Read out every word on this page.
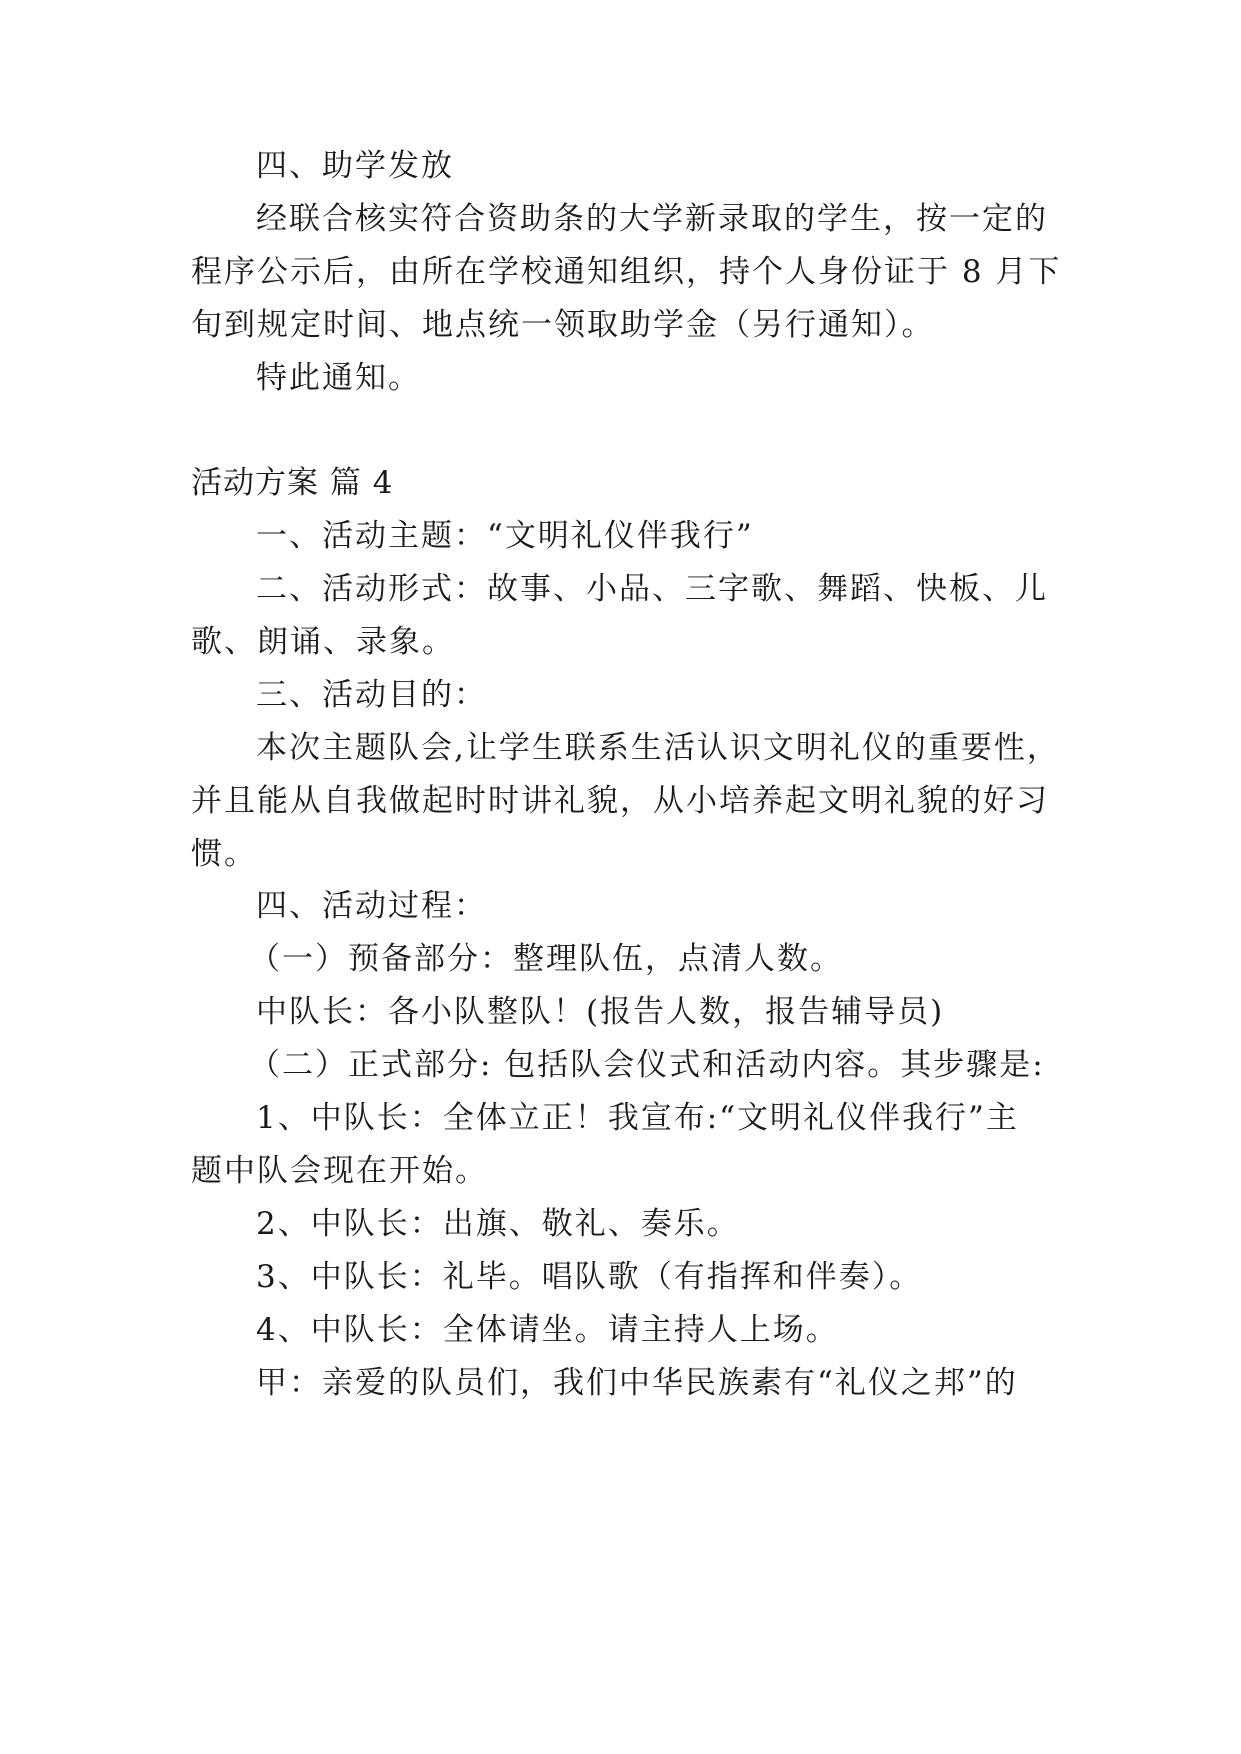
四、助学发放
经联合核实符合资助条的大学新录取的学生，按一定的
程序公示后，由所在学校通知组织，持个人身份证于 8 月下
旬到规定时间、地点统一领取助学金（另行通知）。
特此通知。
活动方案 篇 4
一、活动主题：“文明礼仪伴我行”
二、活动形式：故事、小品、三字歌、舞蹈、快板、儿
歌、朗诵、录象。
三、活动目的：
本次主题队会,让学生联系生活认识文明礼仪的重要性，
并且能从自我做起时时讲礼貌，从小培养起文明礼貌的好习
惯。
四、活动过程：
（一）预备部分：整理队伍，点清人数。
中队长：各小队整队！(报告人数，报告辅导员)
（二）正式部分: 包括队会仪式和活动内容。其步骤是:
1、中队长：全体立正！我宣布:“文明礼仪伴我行”主
题中队会现在开始。
2、中队长：出旗、敬礼、奏乐。
3、中队长：礼毕。唱队歌（有指挥和伴奏）。
4、中队长：全体请坐。请主持人上场。
甲：亲爱的队员们，我们中华民族素有“礼仪之邦”的
